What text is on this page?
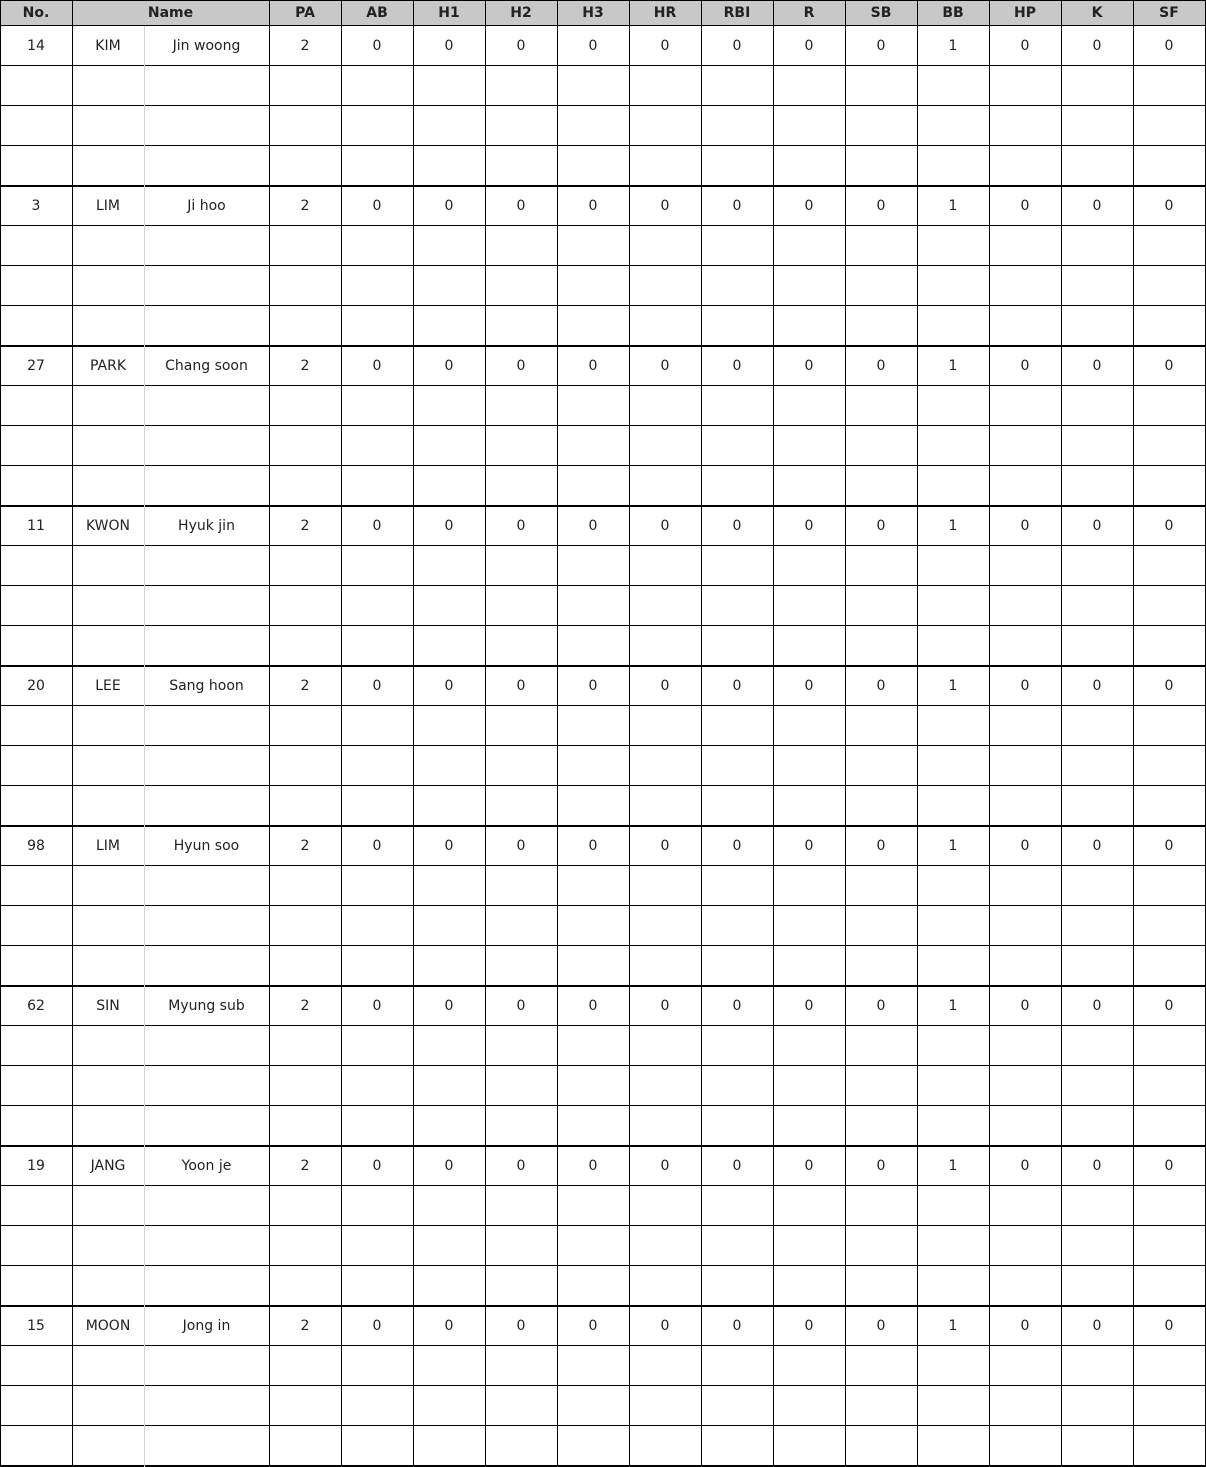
No.	Name	PA	AB	H1	H2	H3	HR	RBI	R	SB	BB	HP	K	SF
14	KIM	Jin woong	2	0	0	0	0	0	0	0	0	1	0	0	0
3	LIM	Ji hoo	2	0	0	0	0	0	0	0	0	1	0	0	0
27	PARK	Chang soon	2	0	0	0	0	0	0	0	0	1	0	0	0
11	KWON	Hyuk jin	2	0	0	0	0	0	0	0	0	1	0	0	0
20	LEE	Sang hoon	2	0	0	0	0	0	0	0	0	1	0	0	0
98	LIM	Hyun soo	2	0	0	0	0	0	0	0	0	1	0	0	0
62	SIN	Myung sub	2	0	0	0	0	0	0	0	0	1	0	0	0
19	JANG	Yoon je	2	0	0	0	0	0	0	0	0	1	0	0	0
15	MOON	Jong in	2	0	0	0	0	0	0	0	0	1	0	0	0
